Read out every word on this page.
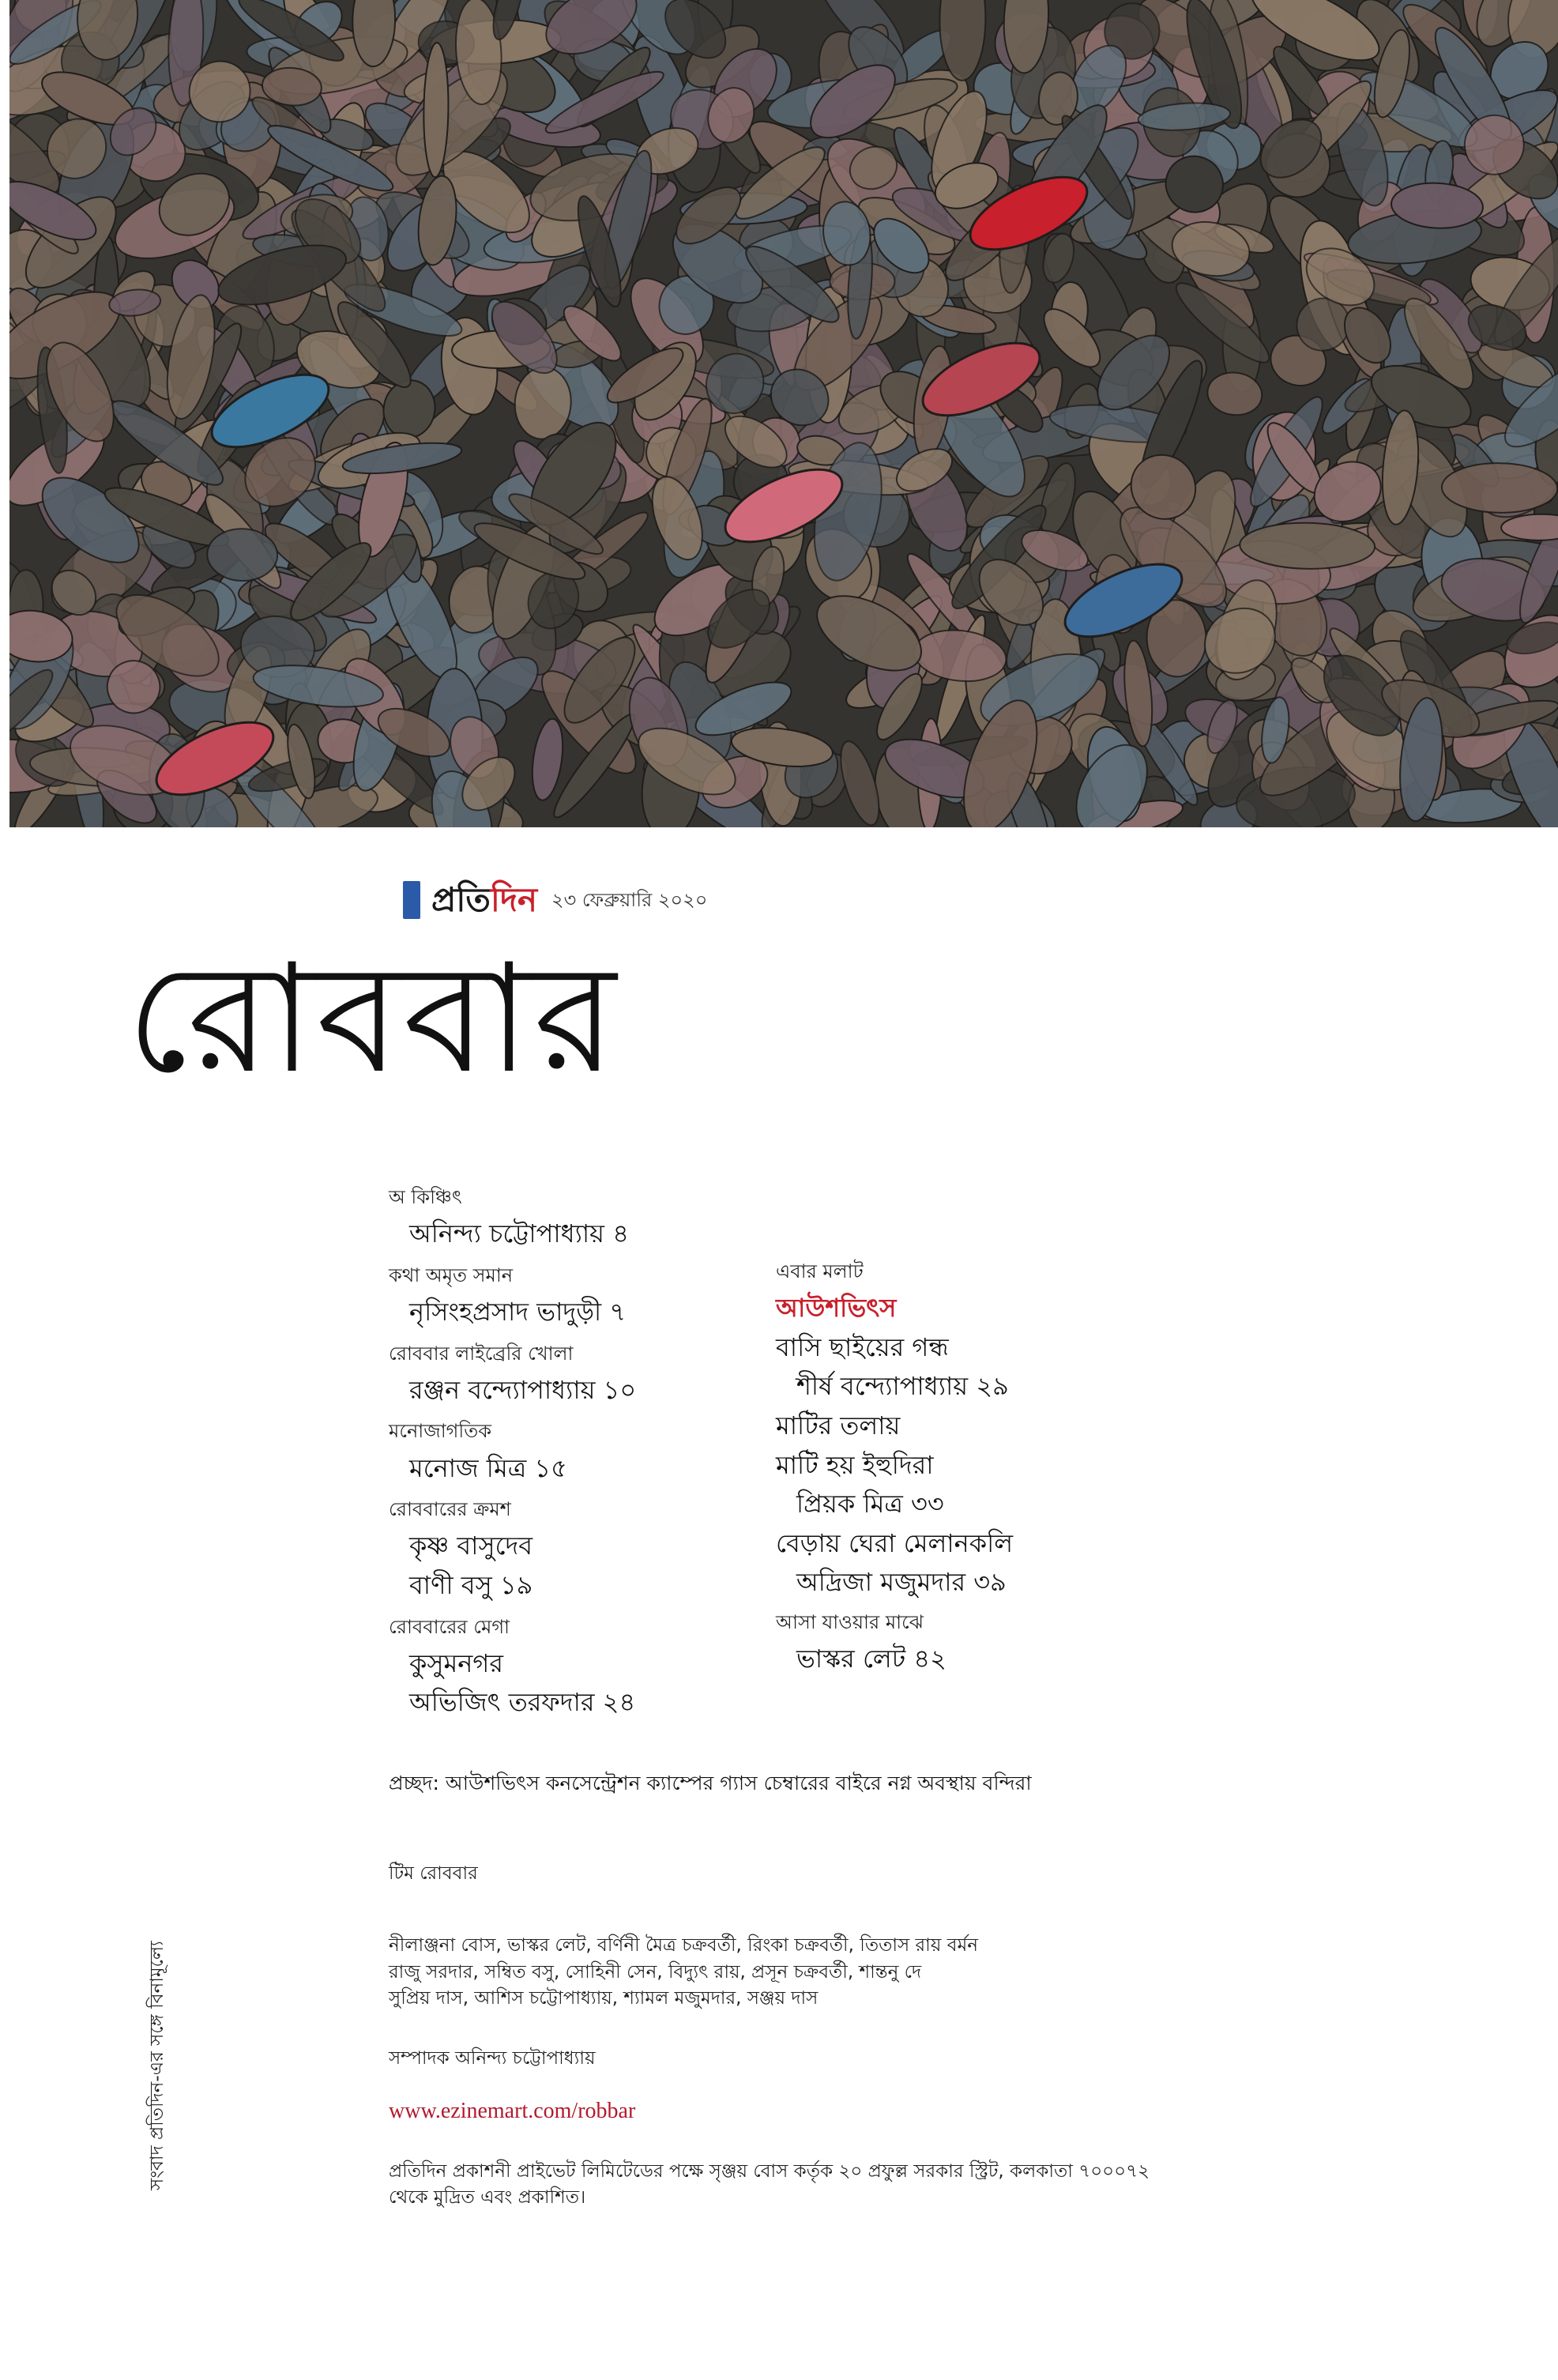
প্রতিদিন ২৩ ফেব্রুয়ারি ২০২০
রোববার
অ কিঞ্চিৎ
অনিন্দ্য চট্টোপাধ্যায় ৪
কথা অমৃত সমান
নৃসিংহপ্রসাদ ভাদুড়ী ৭
রোববার লাইব্রেরি খোলা
রঞ্জন বন্দ্যোপাধ্যায় ১০
মনোজাগতিক
মনোজ মিত্র ১৫
রোববারের ক্রমশ
কৃষ্ণ বাসুদেব
বাণী বসু ১৯
রোববারের মেগা
কুসুমনগর
অভিজিৎ তরফদার ২৪
এবার মলাট
আউশভিৎস
বাসি ছাইয়ের গন্ধ
শীর্ষ বন্দ্যোপাধ্যায় ২৯
মাটির তলায়
মাটি হয় ইহুদিরা
প্রিয়ক মিত্র ৩৩
বেড়ায় ঘেরা মেলানকলি
অদ্রিজা মজুমদার ৩৯
আসা যাওয়ার মাঝে
ভাস্কর লেট ৪২
প্রচ্ছদ: আউশভিৎস কনসেন্ট্রেশন ক্যাম্পের গ্যাস চেম্বারের বাইরে নগ্ন অবস্থায় বন্দিরা
টিম রোববার
নীলাঞ্জনা বোস, ভাস্কর লেট, বর্ণিনী মৈত্র চক্রবর্তী, রিংকা চক্রবর্তী, তিতাস রায় বর্মন
রাজু সরদার, সম্বিত বসু, সোহিনী সেন, বিদ্যুৎ রায়, প্রসূন চক্রবর্তী, শান্তনু দে
সুপ্রিয় দাস, আশিস চট্টোপাধ্যায়, শ্যামল মজুমদার, সঞ্জয় দাস
সম্পাদক অনিন্দ্য চট্টোপাধ্যায়
www.ezinemart.com/robbar
প্রতিদিন প্রকাশনী প্রাইভেট লিমিটেডের পক্ষে সৃঞ্জয় বোস কর্তৃক ২০ প্রফুল্ল সরকার স্ট্রিট, কলকাতা ৭০০০৭২ থেকে মুদ্রিত এবং প্রকাশিত।
সংবাদ প্রতিদিন-এর সঙ্গে বিনামূল্যে
